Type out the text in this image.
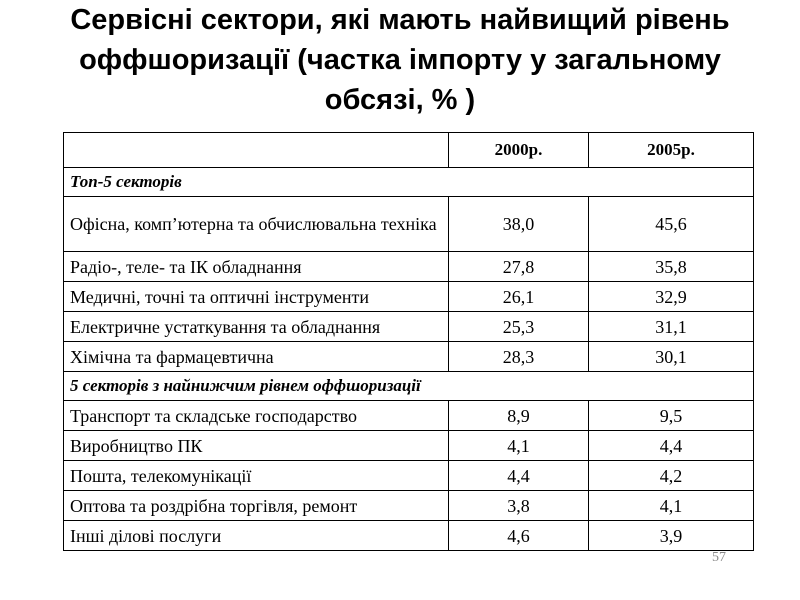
Сервісні сектори, які мають найвищий рівень оффшоризації (частка імпорту у загальному обсязі, % )
	2000р.	2005р.
Топ-5 секторів		
Офісна, комп’ютерна та обчислювальна техніка	38,0	45,6
Радіо-, теле- та ІК обладнання	27,8	35,8
Медичні, точні та оптичні інструменти	26,1	32,9
Електричне устаткування та обладнання	25,3	31,1
Хімічна та фармацевтична	28,3	30,1
5 секторів з найнижчим рівнем оффшоризації		
Транспорт та складське господарство	8,9	9,5
Виробництво ПК	4,1	4,4
Пошта, телекомунікації	4,4	4,2
Оптова та роздрібна торгівля, ремонт	3,8	4,1
Інші ділові послуги	4,6	3,9
57
